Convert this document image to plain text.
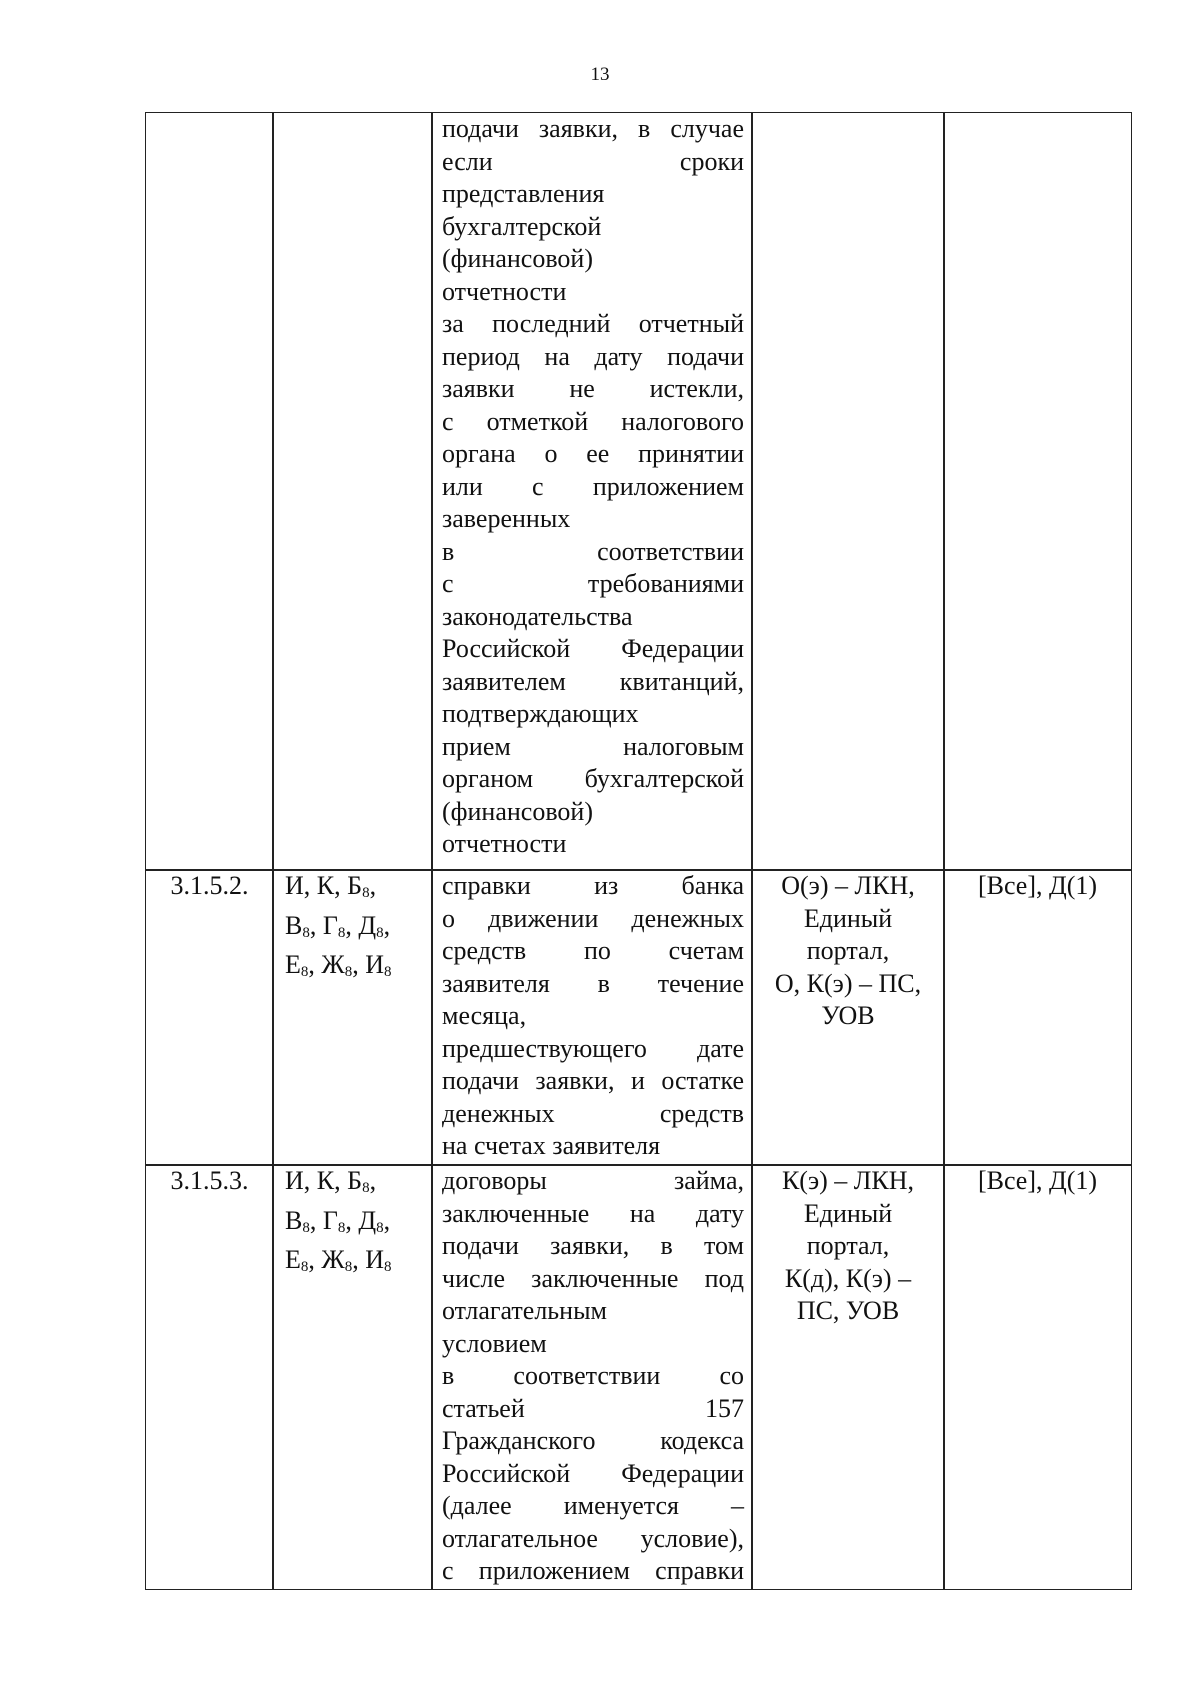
13
подачи заявки, в случае
если сроки
представления
бухгалтерской
(финансовой)
отчетности
за последний отчетный
период на дату подачи
заявки не истекли,
с отметкой налогового
органа о ее принятии
или с приложением
заверенных
в соответствии
с требованиями
законодательства
Российской Федерации
заявителем квитанций,
подтверждающих
прием налоговым
органом бухгалтерской
(финансовой)
отчетности
3.1.5.2.	И, К, $Б_8$,
$В_8$, $Г_8$, $Д_8$,
$Е_8$, $Ж_8$, $И_8$
справки из банка
о движении денежных
средств по счетам
заявителя в течение
месяца,
предшествующего дате
подачи заявки, и остатке
денежных средств
на счетах заявителя
О(э) – ЛКН,
Единый
портал,
О, К(э) – ПС,
УОВ
[Все], Д(1)
3.1.5.3.	И, К, $Б_8$,
$В_8$, $Г_8$, $Д_8$,
$Е_8$, $Ж_8$, $И_8$
договоры займа,
заключенные на дату
подачи заявки, в том
числе заключенные под
отлагательным
условием
в соответствии со
статьей 157
Гражданского кодекса
Российской Федерации
(далее именуется –
отлагательное условие),
с приложением справки
К(э) – ЛКН,
Единый
портал,
К(д), К(э) –
ПС, УОВ
[Все], Д(1)
